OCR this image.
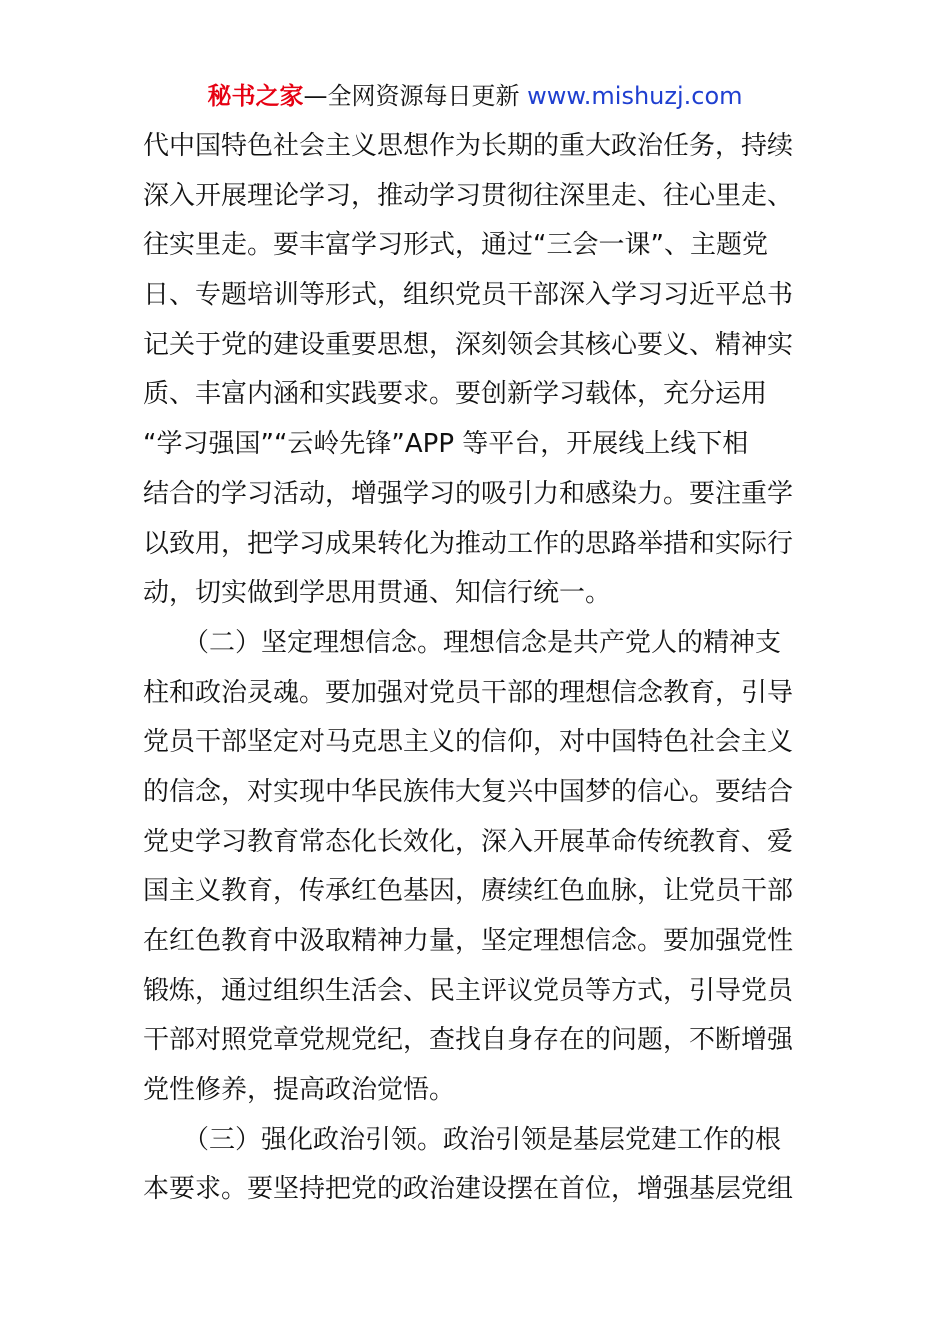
秘书之家—全网资源每日更新 www.mishuzj.com
代中国特色社会主义思想作为长期的重大政治任务，持续
深入开展理论学习，推动学习贯彻往深里走、往心里走、
往实里走。要丰富学习形式，通过“三会一课”、主题党
日、专题培训等形式，组织党员干部深入学习习近平总书
记关于党的建设重要思想，深刻领会其核心要义、精神实
质、丰富内涵和实践要求。要创新学习载体，充分运用
“学习强国”“云岭先锋”APP 等平台，开展线上线下相
结合的学习活动，增强学习的吸引力和感染力。要注重学
以致用，把学习成果转化为推动工作的思路举措和实际行
动，切实做到学思用贯通、知信行统一。
（二）坚定理想信念。理想信念是共产党人的精神支
柱和政治灵魂。要加强对党员干部的理想信念教育，引导
党员干部坚定对马克思主义的信仰，对中国特色社会主义
的信念，对实现中华民族伟大复兴中国梦的信心。要结合
党史学习教育常态化长效化，深入开展革命传统教育、爱
国主义教育，传承红色基因，赓续红色血脉，让党员干部
在红色教育中汲取精神力量，坚定理想信念。要加强党性
锻炼，通过组织生活会、民主评议党员等方式，引导党员
干部对照党章党规党纪，查找自身存在的问题，不断增强
党性修养，提高政治觉悟。
（三）强化政治引领。政治引领是基层党建工作的根
本要求。要坚持把党的政治建设摆在首位，增强基层党组
